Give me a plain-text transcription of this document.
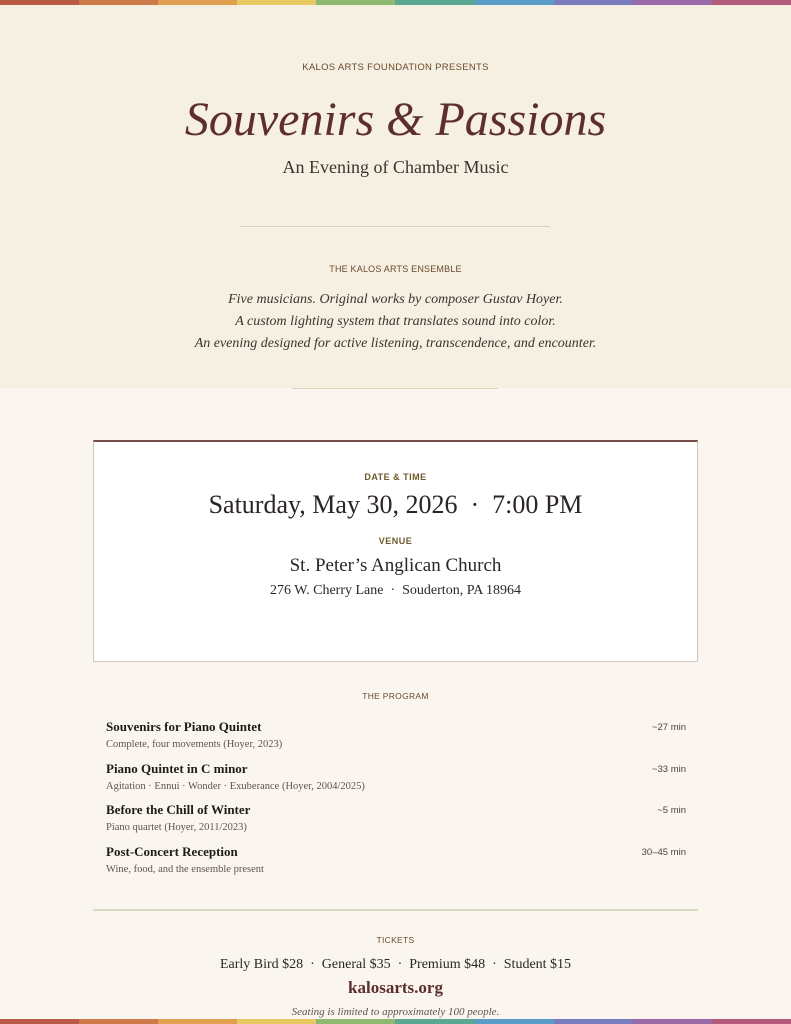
KALOS ARTS FOUNDATION PRESENTS
Souvenirs & Passions
An Evening of Chamber Music
THE KALOS ARTS ENSEMBLE
Five musicians. Original works by composer Gustav Hoyer.
A custom lighting system that translates sound into color.
An evening designed for active listening, transcendence, and encounter.
DATE & TIME
Saturday, May 30, 2026  ·  7:00 PM
VENUE
St. Peter’s Anglican Church
276 W. Cherry Lane  ·  Souderton, PA 18964
THE PROGRAM
Souvenirs for Piano Quintet
Complete, four movements (Hoyer, 2023)
~27 min
Piano Quintet in C minor
Agitation · Ennui · Wonder · Exuberance (Hoyer, 2004/2025)
~33 min
Before the Chill of Winter
Piano quartet (Hoyer, 2011/2023)
~5 min
Post-Concert Reception
Wine, food, and the ensemble present
30–45 min
TICKETS
Early Bird $28  ·  General $35  ·  Premium $48  ·  Student $15
kalosarts.org
Seating is limited to approximately 100 people.
